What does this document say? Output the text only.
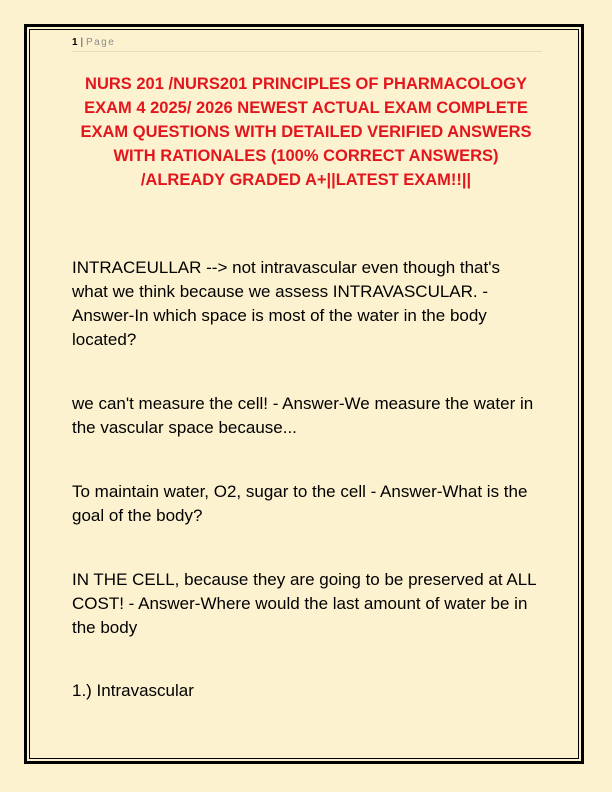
1 | Page
NURS 201 /NURS201 PRINCIPLES OF PHARMACOLOGY EXAM 4 2025/ 2026 NEWEST ACTUAL EXAM COMPLETE EXAM QUESTIONS WITH DETAILED VERIFIED ANSWERS WITH RATIONALES (100% CORRECT ANSWERS) /ALREADY GRADED A+||LATEST EXAM!!||

INTRACEULLAR --> not intravascular even though that's what we think because we assess INTRAVASCULAR. - Answer-In which space is most of the water in the body located?

we can't measure the cell! - Answer-We measure the water in the vascular space because...

To maintain water, O2, sugar to the cell - Answer-What is the goal of the body?

IN THE CELL, because they are going to be preserved at ALL COST! - Answer-Where would the last amount of water be in the body

1.) Intravascular
